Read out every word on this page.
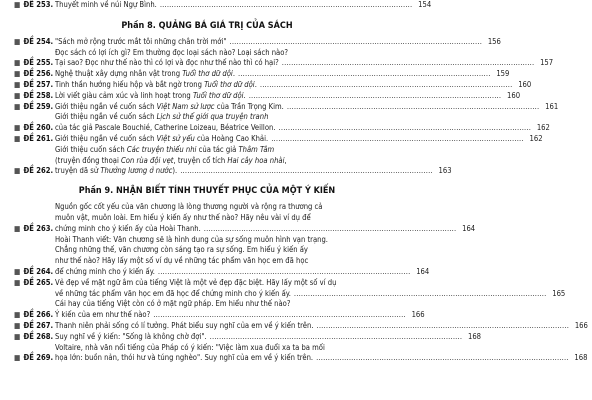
■ ĐỀ 253. Thuyết minh về núi Ngự Bình. . . .	154
Phần 8. QUẢNG BÁ GIÁ TRỊ CỦA SÁCH
■ ĐỀ 254. "Sách mở rộng trước mắt tôi những chân trời mới" . . .	156
■ ĐỀ 255.
Đọc sách có lợi ích gì? Em thường đọc loại sách nào? Loại sách nào?
Tại sao? Đọc như thế nào thì có lợi và đọc như thế nào thì có hại? . . .	157
■ ĐỀ 256. Nghệ thuật xây dựng nhân vật trong Tuổi thơ dữ dội. . . .	159
■ ĐỀ 257. Tinh thần hướng hiếu hộp và bắt ngờ trong Tuổi thơ dữ dội. . . .	160
■ ĐỀ 258. Lời viết giàu cảm xúc và linh hoạt trong Tuổi thơ dữ dội. . . .	160
■ ĐỀ 259. Giới thiệu ngắn về cuốn sách Việt Nam sử lược của Trần Trọng Kim. . . .	161
■ ĐỀ 260.
Giới thiệu ngắn về cuốn sách Lịch sử thế giới qua truyện tranh
của tác giả Pascale Bouchié, Catherine Loizeau, Béatrice Veillon. . . .	162
■ ĐỀ 261. Giới thiệu ngắn về cuốn sách Việt sử yểu của Hoàng Cao Khải. . . .	162
■ ĐỀ 262.
Giới thiệu cuốn sách Các truyện thiếu nhi của tác giả Thâm Tâm
(truyện đồng thoại Con rùa đội vẹt, truyện cổ tích Hai cây hoa nhài,
truyện dã sử Thưởng lương ở nước). . . .	163
Phần 9. NHẬN BIẾT TÍNH THUYẾT PHỤC CỦA MỘT Ý KIẾN
■ ĐỀ 263.
Nguồn gốc cốt yếu của văn chương là lòng thương người và rộng ra thương cả
muôn vật, muôn loài. Em hiểu ý kiến ấy như thế nào? Hãy nêu vài ví dụ để
chứng minh cho ý kiến ấy của Hoài Thanh. . . .	164
■ ĐỀ 264.
Hoài Thanh viết: Văn chương sẽ là hình dung của sự sống muôn hình vạn trạng.
Chẳng những thế, văn chương còn sáng tạo ra sự sống. Em hiểu ý kiến ấy
như thế nào? Hãy lấy một số ví dụ về những tác phẩm văn học em đã học
để chứng minh cho ý kiến ấy. . . .	164
■ ĐỀ 265. Vẻ đẹp về mặt ngữ âm của tiếng Việt là một vẻ đẹp đặc biệt. Hãy lấy một số ví dụ
về những tác phẩm văn học em đã học để chứng minh cho ý kiến ấy. . . .	165
■ ĐỀ 266.
Cái hay của tiếng Việt còn có ở mặt ngữ pháp. Em hiểu như thế nào?
Ý kiến của em như thế nào? . . .	166
■ ĐỀ 267. Thanh niên phải sống có lí tưởng. Phát biểu suy nghĩ của em về ý kiến trên. . . .	166
■ ĐỀ 268. Suy nghĩ về ý kiến: "Sống là không chờ đợi". . . .	168
■ ĐỀ 269.
Voltaire, nhà văn nổi tiếng của Pháp có ý kiến: "Việc làm xua đuổi xa ta ba mối
họa lớn: buồn nản, thói hư và túng nghèo". Suy nghĩ của em về ý kiến trên. . . .	168
